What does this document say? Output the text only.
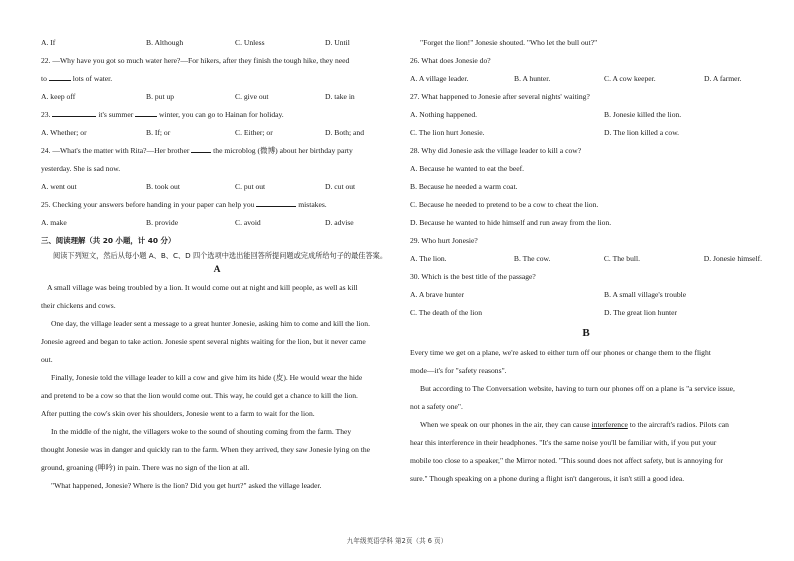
A. If	B. Although	C. Unless	D. Until
22. —Why have you got so much water here?—For hikers, after they finish the tough hike, they need
to	lots of water.
A. keep off	B. put up	C. give out	D. take in
23.	it's summer	winter, you can go to Hainan for holiday.
A. Whether; or	B. If; or	C. Either; or	D. Both; and
24. —What's the matter with Rita?—Her brother	the microblog (微博) about her birthday party
yesterday. She is sad now.
A. went out	B. took out	C. put out	D. cut out
25. Checking your answers before handing in your paper can help you	mistakes.
A. make	B. provide	C. avoid	D. advise
三、阅读理解（共 20 小题，计 40 分）
阅读下列短文，然后从每小题 A、B、C、D 四个选项中选出能回答所提问题或完成所给句子的最佳答案。
A
A small village was being troubled by a lion. It would come out at night and kill people, as well as kill
their chickens and cows.
One day, the village leader sent a message to a great hunter Jonesie, asking him to come and kill the lion.
Jonesie agreed and began to take action. Jonesie spent several nights waiting for the lion, but it never came
out.
Finally, Jonesie told the village leader to kill a cow and give him its hide (皮). He would wear the hide
and pretend to be a cow so that the lion would come out. This way, he could get a chance to kill the lion.
After putting the cow's skin over his shoulders, Jonesie went to a farm to wait for the lion.
In the middle of the night, the villagers woke to the sound of shouting coming from the farm. They
thought Jonesie was in danger and quickly ran to the farm. When they arrived, they saw Jonesie lying on the
ground, groaning (呻吟) in pain. There was no sign of the lion at all.
"What happened, Jonesie? Where is the lion? Did you get hurt?" asked the village leader.
"Forget the lion!" Jonesie shouted. "Who let the bull out?"
26. What does Jonesie do?
A. A village leader.	B. A hunter.	C. A cow keeper.	D. A farmer.
27. What happened to Jonesie after several nights' waiting?
A. Nothing happened.	B. Jonesie killed the lion.
C. The lion hurt Jonesie.	D. The lion killed a cow.
28. Why did Jonesie ask the village leader to kill a cow?
A. Because he wanted to eat the beef.
B. Because he needed a warm coat.
C. Because he needed to pretend to be a cow to cheat the lion.
D. Because he wanted to hide himself and run away from the lion.
29. Who hurt Jonesie?
A. The lion.	B. The cow.	C. The bull.	D. Jonesie himself.
30. Which is the best title of the passage?
A. A brave hunter	B. A small village's trouble
C. The death of the lion	D. The great lion hunter
B
Every time we get on a plane, we're asked to either turn off our phones or change them to the flight
mode—it's for "safety reasons".
But according to The Conversation website, having to turn our phones off on a plane is "a service issue,
not a safety one".
When we speak on our phones in the air, they can cause interference to the aircraft's radios. Pilots can
hear this interference in their headphones. "It's the same noise you'll be familiar with, if you put your
mobile too close to a speaker," the Mirror noted. "This sound does not affect safety, but is annoying for
sure." Though speaking on a phone during a flight isn't dangerous, it isn't still a good idea.
九年级英语学科 第2页（共 6 页）
